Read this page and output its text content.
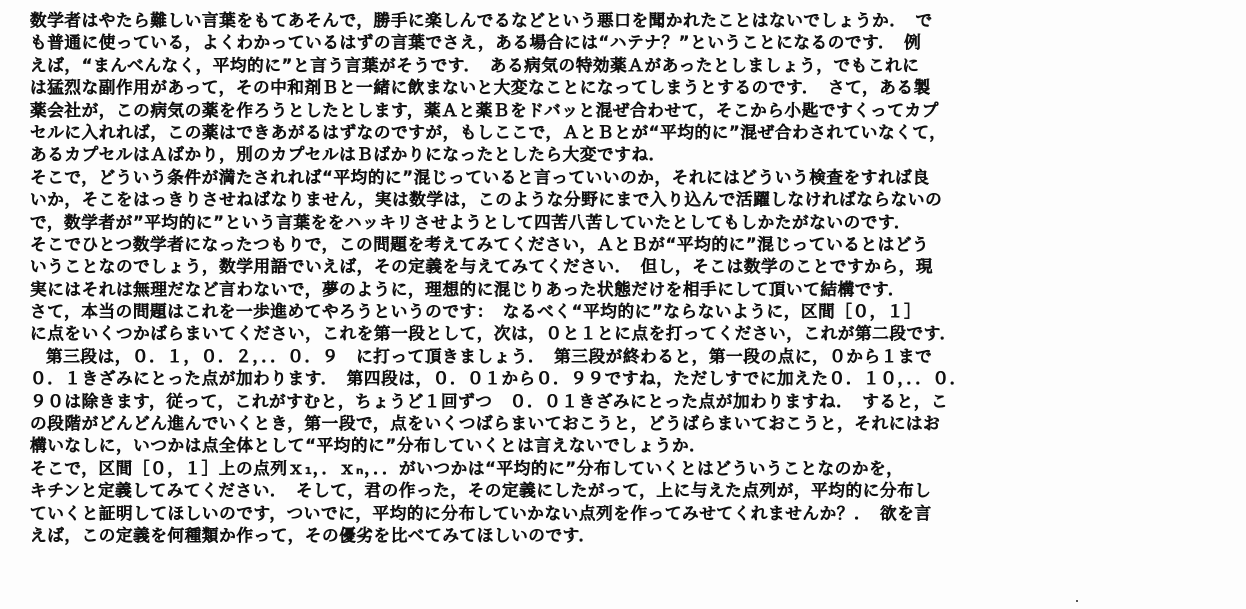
数学者はやたら難しい言葉をもてあそんで，勝手に楽しんでるなどという悪口を聞かれたことはないでしょうか．　で
も普通に使っている，よくわかっているはずの言葉でさえ，ある場合には“ハテナ？”ということになるのです．　例
えば，“まんべんなく，平均的に”と言う言葉がそうです．　ある病気の特効薬Ａがあったとしましょう，でもこれに
は猛烈な副作用があって，その中和剤Ｂと一緒に飲まないと大変なことになってしまうとするのです．　さて，ある製
薬会社が，この病気の薬を作ろうとしたとします，薬Ａと薬Ｂをドバッと混ぜ合わせて，そこから小匙ですくってカプ
セルに入れれば，この薬はできあがるはずなのですが，もしここで，ＡとＢとが“平均的に”混ぜ合わされていなくて，
あるカプセルはＡばかり，別のカプセルはＢばかりになったとしたら大変ですね．
そこで，どういう条件が満たされれば“平均的に”混じっていると言っていいのか，それにはどういう検査をすれば良
いか，そこをはっきりさせねばなりません，実は数学は，このような分野にまで入り込んで活躍しなければならないの
で，数学者が”平均的に”という言葉ををハッキリさせようとして四苦八苦していたとしてもしかたがないのです．
そこでひとつ数学者になったつもりで，この問題を考えてみてください，ＡとＢが“平均的に”混じっているとはどう
いうことなのでしょう，数学用語でいえば，その定義を与えてみてください．　但し，そこは数学のことですから，現
実にはそれは無理だなど言わないで，夢のように，理想的に混じりあった状態だけを相手にして頂いて結構です．
さて，本当の問題はこれを一歩進めてやろうというのです：　なるべく“平均的に”ならないように，区間［０，１］
に点をいくつかばらまいてください，これを第一段として，次は，０と１とに点を打ってください，これが第二段です．
第三段は，０．１，０．２，．．０．９　に打って頂きましょう．　第三段が終わると，第一段の点に，０から１まで
０．１きざみにとった点が加わります．　第四段は，０．０１から０．９９ですね，ただしすでに加えた０．１０，．．０．
９０は除きます，従って，これがすむと，ちょうど１回ずつ　０．０１きざみにとった点が加わりますね．　すると，こ
の段階がどんどん進んでいくとき，第一段で，点をいくつばらまいておこうと，どうばらまいておこうと，それにはお
構いなしに，いつかは点全体として“平均的に”分布していくとは言えないでしょうか．
そこで，区間［０，１］上の点列ｘ₁，．ｘₙ，．．がいつかは“平均的に”分布していくとはどういうことなのかを，
キチンと定義してみてください．　そして，君の作った，その定義にしたがって，上に与えた点列が，平均的に分布し
ていくと証明してほしいのです，ついでに，平均的に分布していかない点列を作ってみせてくれませんか？．　欲を言
えば，この定義を何種類か作って，その優劣を比べてみてほしいのです．
